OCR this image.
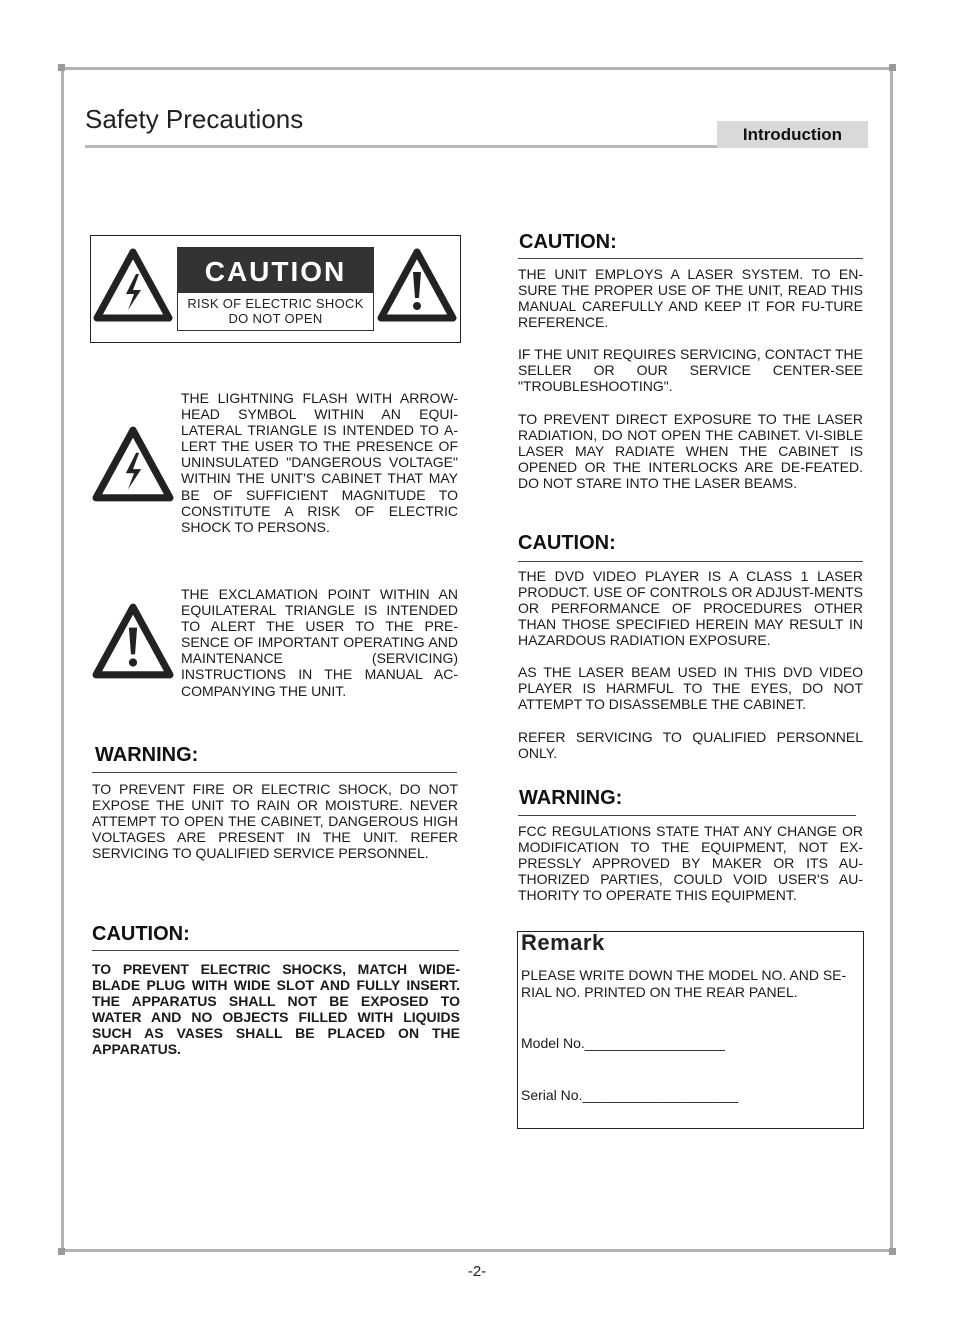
Safety Precautions
Introduction
CAUTION
RISK OF ELECTRIC SHOCK
DO NOT OPEN

THE LIGHTNING FLASH WITH ARROW-HEAD SYMBOL WITHIN AN EQUI-LATERAL TRIANGLE IS INTENDED TO A-LERT THE USER TO THE PRESENCE OF UNINSULATED "DANGEROUS VOLTAGE" WITHIN THE UNIT'S CABINET THAT MAY BE OF SUFFICIENT MAGNITUDE TO CONSTITUTE A RISK OF ELECTRIC SHOCK TO PERSONS.

THE EXCLAMATION POINT WITHIN AN EQUILATERAL TRIANGLE IS INTENDED TO ALERT THE USER TO THE PRE-SENCE OF IMPORTANT OPERATING AND MAINTENANCE (SERVICING) INSTRUCTIONS IN THE MANUAL AC-COMPANYING THE UNIT.

WARNING:

TO PREVENT FIRE OR ELECTRIC SHOCK, DO NOT EXPOSE THE UNIT TO RAIN OR MOISTURE. NEVER ATTEMPT TO OPEN THE CABINET, DANGEROUS HIGH VOLTAGES ARE PRESENT IN THE UNIT. REFER SERVICING TO QUALIFIED SERVICE PERSONNEL.

CAUTION:

TO PREVENT ELECTRIC SHOCKS, MATCH WIDE-BLADE PLUG WITH WIDE SLOT AND FULLY INSERT. THE APPARATUS SHALL NOT BE EXPOSED TO WATER AND NO OBJECTS FILLED WITH LIQUIDS SUCH AS VASES SHALL BE PLACED ON THE APPARATUS.

CAUTION:

THE UNIT EMPLOYS A LASER SYSTEM. TO EN-SURE THE PROPER USE OF THE UNIT, READ THIS MANUAL CAREFULLY AND KEEP IT FOR FU-TURE REFERENCE.

IF THE UNIT REQUIRES SERVICING, CONTACT THE SELLER OR OUR SERVICE CENTER-SEE "TROUBLESHOOTING".

TO PREVENT DIRECT EXPOSURE TO THE LASER RADIATION, DO NOT OPEN THE CABINET. VI-SIBLE LASER MAY RADIATE WHEN THE CABINET IS OPENED OR THE INTERLOCKS ARE DE-FEATED. DO NOT STARE INTO THE LASER BEAMS.

CAUTION:

THE DVD VIDEO PLAYER IS A CLASS 1 LASER PRODUCT. USE OF CONTROLS OR ADJUST-MENTS OR PERFORMANCE OF PROCEDURES OTHER THAN THOSE SPECIFIED HEREIN MAY RESULT IN HAZARDOUS RADIATION EXPOSURE.

AS THE LASER BEAM USED IN THIS DVD VIDEO PLAYER IS HARMFUL TO THE EYES, DO NOT ATTEMPT TO DISASSEMBLE THE CABINET.

REFER SERVICING TO QUALIFIED PERSONNEL ONLY.

WARNING:

FCC REGULATIONS STATE THAT ANY CHANGE OR MODIFICATION TO THE EQUIPMENT, NOT EX-PRESSLY APPROVED BY MAKER OR ITS AU-THORIZED PARTIES, COULD VOID USER'S AU-THORITY TO OPERATE THIS EQUIPMENT.

Remark

PLEASE WRITE DOWN THE MODEL NO. AND SE-RIAL NO. PRINTED ON THE REAR PANEL.

Model No.__________________
Serial No.____________________
-2-
